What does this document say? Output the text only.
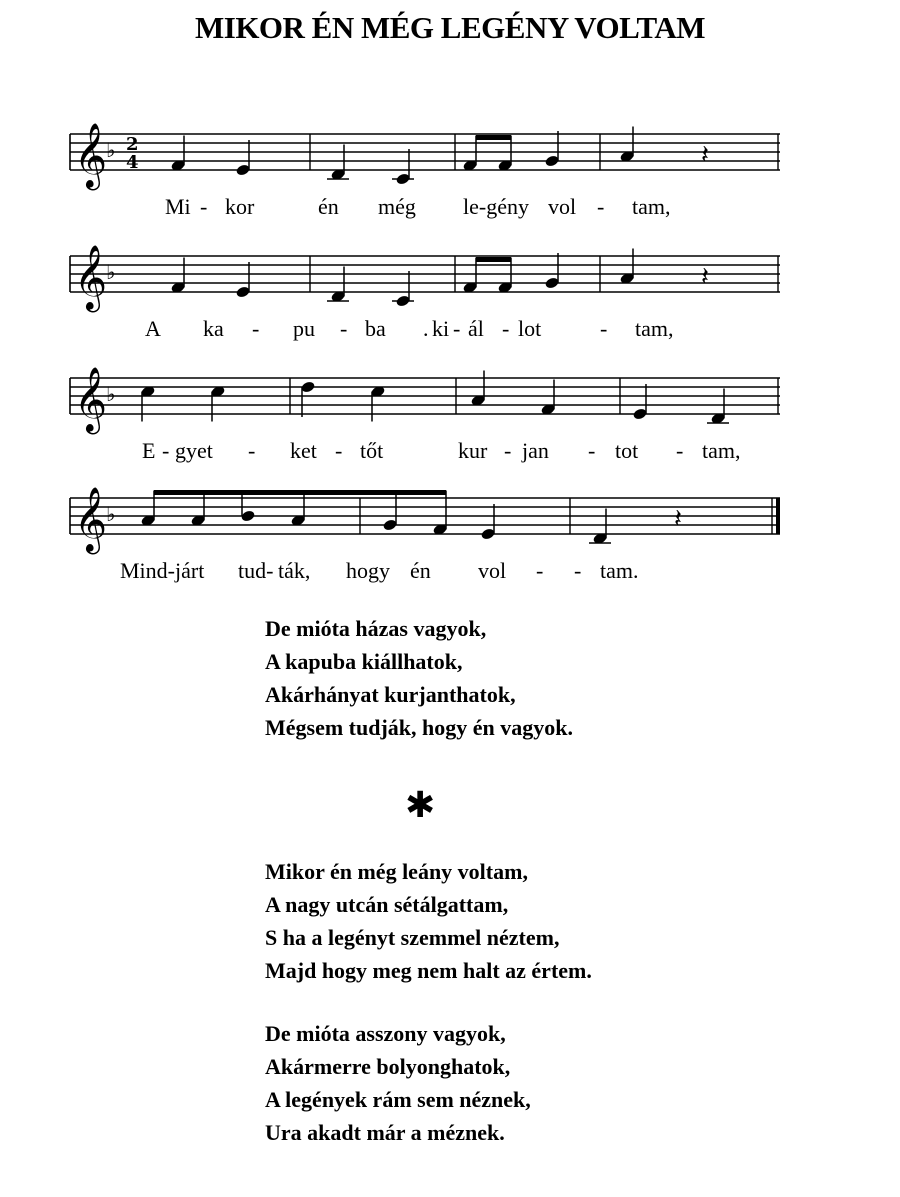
MIKOR ÉN MÉG LEGÉNY VOLTAM
𝄞
♭ 2
4	𝄽
Mi - kor	én még le-gény vol - tam,
𝄞
♭	𝄽
A ka - pu - ba . ki - ál - lot	- tam,
𝄞
♭
E - gyet - ket - tőt	kur - jan - tot - tam,
𝄞
♭	𝄽
Mind-járt tud- ták, hogy én vol - - tam.
De mióta házas vagyok,
A kapuba kiállhatok,
Akárhányat kurjanthatok,
Mégsem tudják, hogy én vagyok.
✱
Mikor én még leány voltam,
A nagy utcán sétálgattam,
S ha a legényt szemmel néztem,
Majd hogy meg nem halt az értem.
De mióta asszony vagyok,
Akármerre bolyonghatok,
A legények rám sem néznek,
Ura akadt már a méznek.
